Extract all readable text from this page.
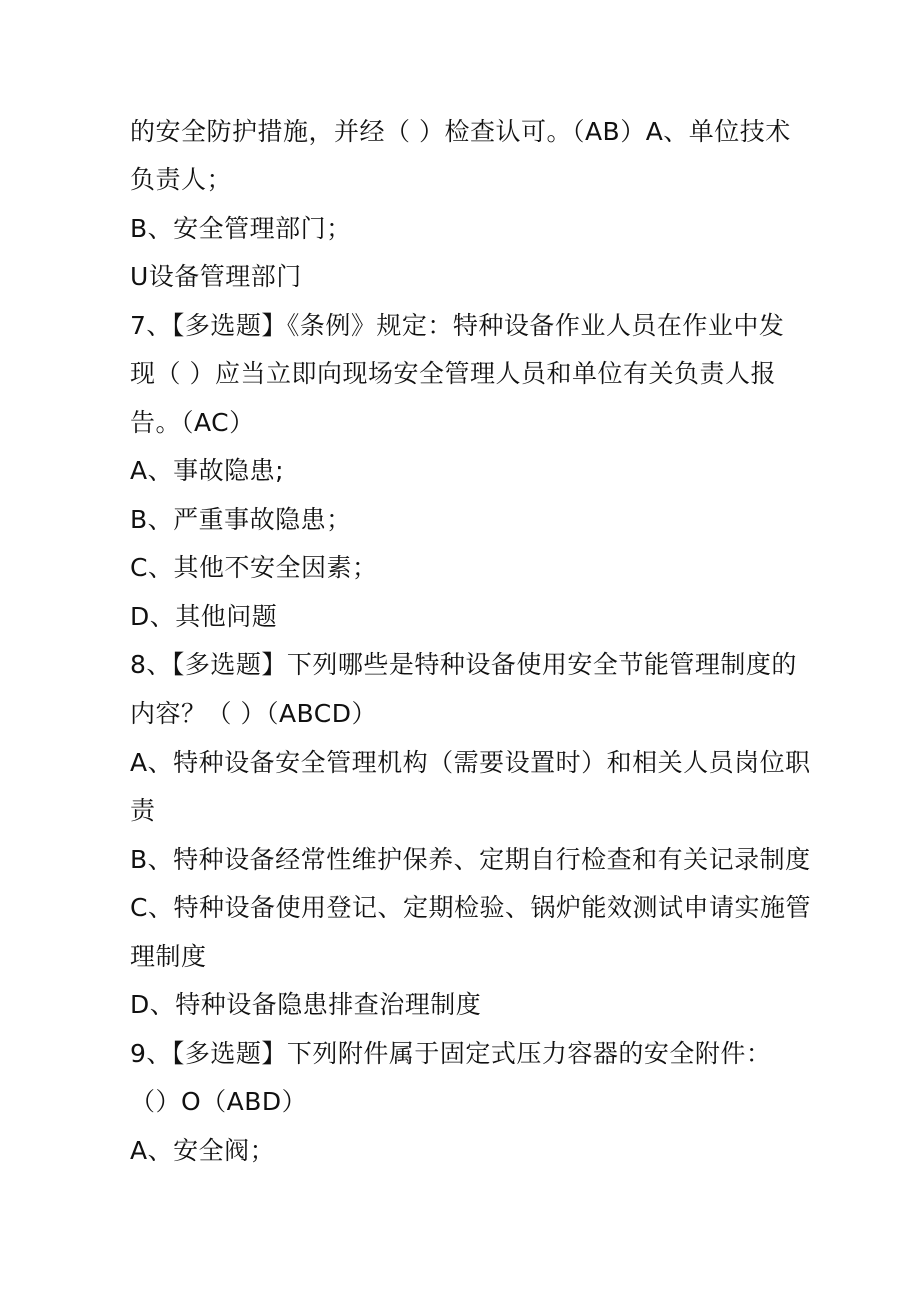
的安全防护措施，并经（ ）检查认可。（AB）A、单位技术
负责人；
B、安全管理部门；
U设备管理部门
7、【多选题】《条例》规定：特种设备作业人员在作业中发
现（ ）应当立即向现场安全管理人员和单位有关负责人报
告。（AC）
A、事故隐患;
B、严重事故隐患；
C、其他不安全因素；
D、其他问题
8、【多选题】下列哪些是特种设备使用安全节能管理制度的
内容？（ ）（ABCD）
A、特种设备安全管理机构（需要设置时）和相关人员岗位职
责
B、特种设备经常性维护保养、定期自行检查和有关记录制度
C、特种设备使用登记、定期检验、锅炉能效测试申请实施管
理制度
D、特种设备隐患排查治理制度
9、【多选题】下列附件属于固定式压力容器的安全附件：
（）O（ABD）
A、安全阀；
